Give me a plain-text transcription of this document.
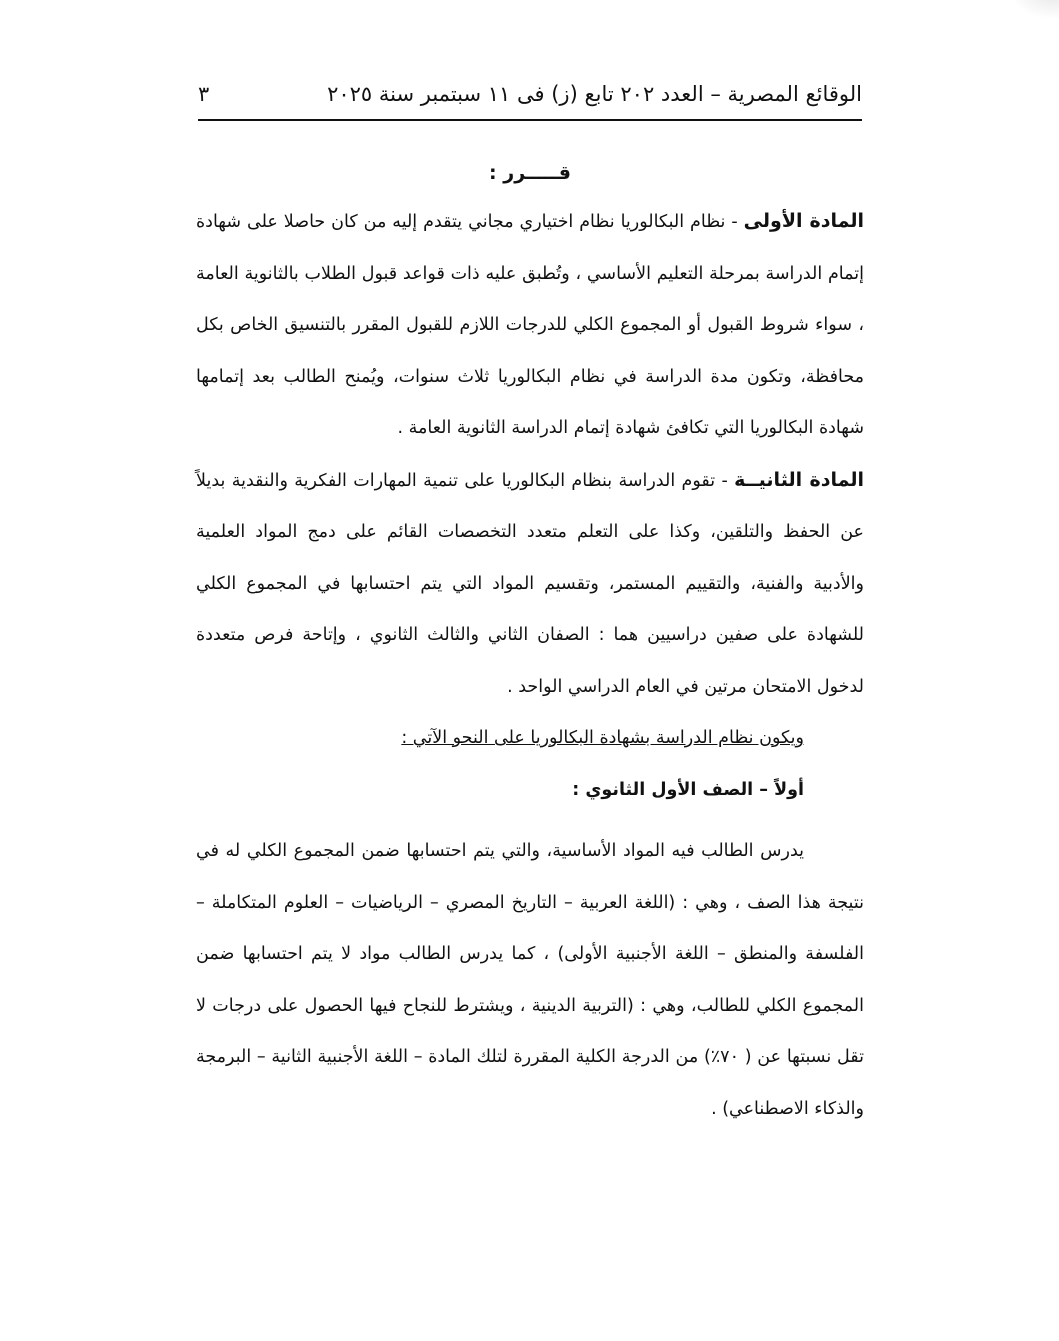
الوقائع المصرية – العدد ٢٠٢ تابع (ز) فى ١١ سبتمبر سنة ٢٠٢٥
٣
قـــــرر :

المادة الأولى - نظام البكالوريا نظام اختياري مجاني يتقدم إليه من كان حاصلا على شهادة إتمام الدراسة بمرحلة التعليم الأساسي ، وتُطبق عليه ذات قواعد قبول الطلاب بالثانوية العامة ، سواء شروط القبول أو المجموع الكلي للدرجات اللازم للقبول المقرر بالتنسيق الخاص بكل محافظة، وتكون مدة الدراسة في نظام البكالوريا ثلاث سنوات، ويُمنح الطالب بعد إتمامها شهادة البكالوريا التي تكافئ شهادة إتمام الدراسة الثانوية العامة .

المادة الثانيــة - تقوم الدراسة بنظام البكالوريا على تنمية المهارات الفكرية والنقدية بديلاً عن الحفظ والتلقين، وكذا على التعلم متعدد التخصصات القائم على دمج المواد العلمية والأدبية والفنية، والتقييم المستمر، وتقسيم المواد التي يتم احتسابها في المجموع الكلي للشهادة على صفين دراسيين هما : الصفان الثاني والثالث الثانوي ، وإتاحة فرص متعددة لدخول الامتحان مرتين في العام الدراسي الواحد .

ويكون نظام الدراسة بشهادة البكالوريا على النحو الآتي :

أولاً – الصف الأول الثانوي :

يدرس الطالب فيه المواد الأساسية، والتي يتم احتسابها ضمن المجموع الكلي له في نتيجة هذا الصف ، وهي : (اللغة العربية – التاريخ المصري – الرياضيات – العلوم المتكاملة – الفلسفة والمنطق – اللغة الأجنبية الأولى) ، كما يدرس الطالب مواد لا يتم احتسابها ضمن المجموع الكلي للطالب، وهي : (التربية الدينية ، ويشترط للنجاح فيها الحصول على درجات لا تقل نسبتها عن ( ٧٠٪) من الدرجة الكلية المقررة لتلك المادة – اللغة الأجنبية الثانية – البرمجة والذكاء الاصطناعي) .
